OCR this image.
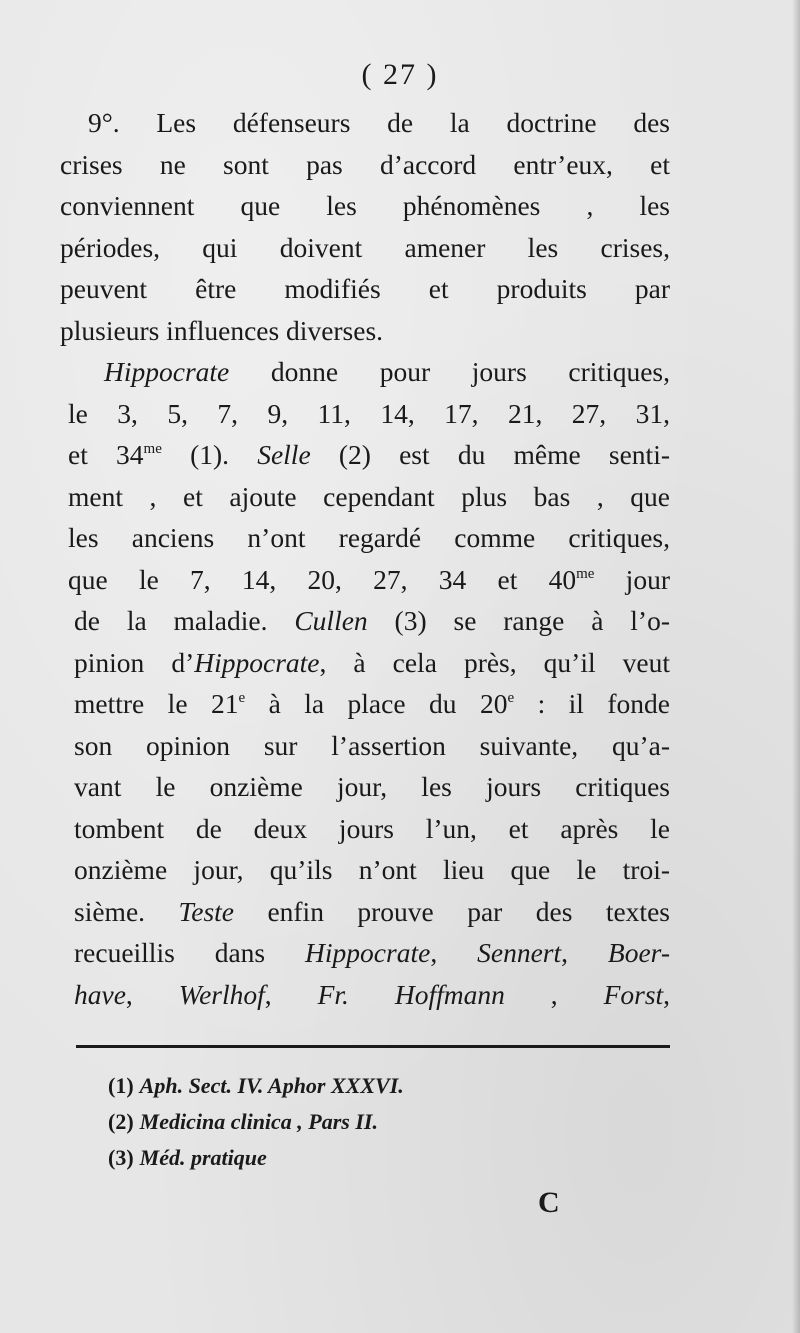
( 27 )
9°. Les défenseurs de la doctrine des
crises ne sont pas d’accord entr’eux, et
conviennent que les phénomènes , les
périodes, qui doivent amener les crises,
peuvent être modifiés et produits par
plusieurs influences diverses.
Hippocrate donne pour jours critiques,
le 3, 5, 7, 9, 11, 14, 17, 21, 27, 31,
et $34^{me}$ (1). Selle (2) est du même senti-
ment , et ajoute cependant plus bas , que
les anciens n’ont regardé comme critiques,
que le 7, 14, 20, 27, 34 et $40^{me}$ jour
de la maladie. Cullen (3) se range à l’o-
pinion d’Hippocrate, à cela près, qu’il veut
mettre le 21e à la place du 20e : il fonde
son opinion sur l’assertion suivante, qu’a-
vant le onzième jour, les jours critiques
tombent de deux jours l’un, et après le
onzième jour, qu’ils n’ont lieu que le troi-
sième. Teste enfin prouve par des textes
recueillis dans Hippocrate, Sennert, Boer-
have, Werlhof, Fr. Hoffmann , Forst,
(1) Aph. Sect. IV. Aphor XXXVI.
(2) Medicina clinica , Pars II.
(3) Méd. pratique
C
